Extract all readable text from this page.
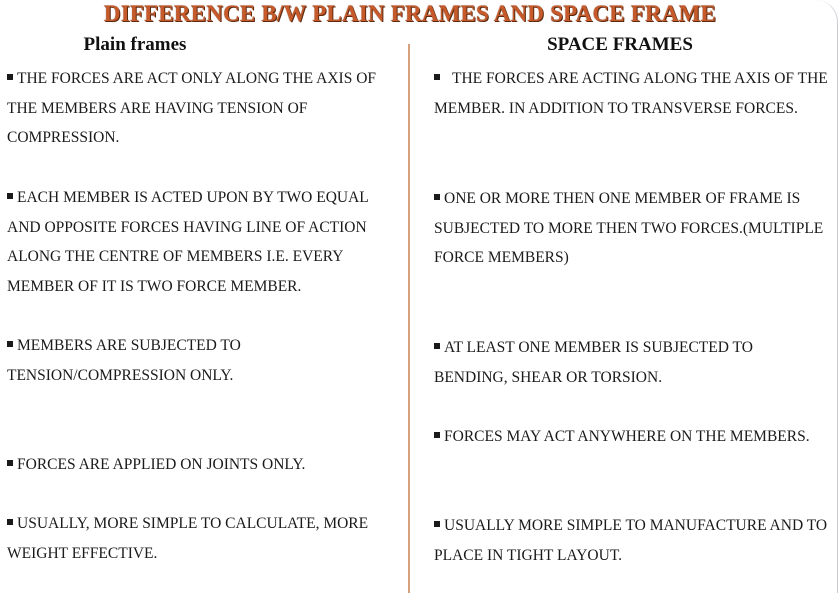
DIFFERENCE B/W PLAIN FRAMES AND SPACE FRAME
Plain frames	SPACE FRAMES

THE FORCES ARE ACT ONLY ALONG THE AXIS OF THE MEMBERS ARE HAVING TENSION OF COMPRESSION.

EACH MEMBER IS ACTED UPON BY TWO EQUAL AND OPPOSITE FORCES HAVING LINE OF ACTION ALONG THE CENTRE OF MEMBERS I.E. EVERY MEMBER OF IT IS TWO FORCE MEMBER.

MEMBERS ARE SUBJECTED TO TENSION/COMPRESSION ONLY.

FORCES ARE APPLIED ON JOINTS ONLY.

USUALLY, MORE SIMPLE TO CALCULATE, MORE WEIGHT EFFECTIVE.

THE FORCES ARE ACTING ALONG THE AXIS OF THE MEMBER. IN ADDITION TO TRANSVERSE FORCES.

ONE OR MORE THEN ONE MEMBER OF FRAME IS SUBJECTED TO MORE THEN TWO FORCES.(MULTIPLE FORCE MEMBERS)

AT LEAST ONE MEMBER IS SUBJECTED TO BENDING, SHEAR OR TORSION.

FORCES MAY ACT ANYWHERE ON THE MEMBERS.

USUALLY MORE SIMPLE TO MANUFACTURE AND TO PLACE IN TIGHT LAYOUT.
